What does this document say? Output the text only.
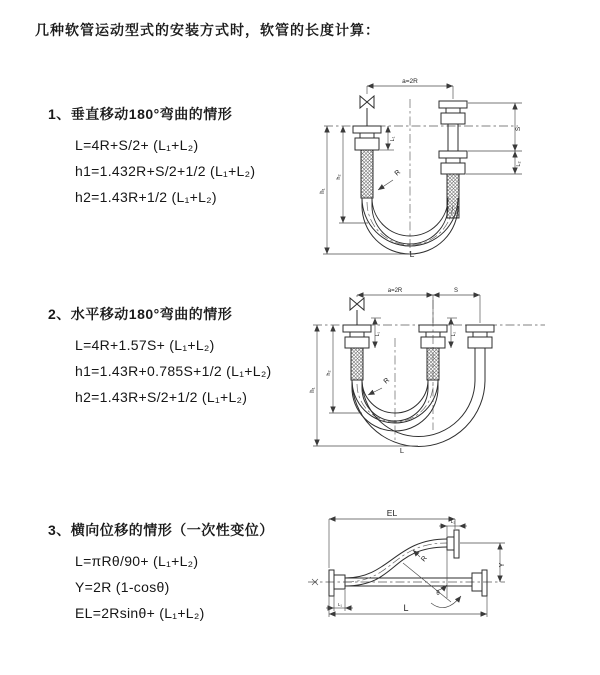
几种软管运动型式的安装方式时，软管的长度计算：
1、垂直移动180°弯曲的情形
L=4R+S/2+ (L₁+L₂)
h1=1.432R+S/2+1/2 (L₁+L₂)
h2=1.43R+1/2 (L₁+L₂)
2、水平移动180°弯曲的情形
L=4R+1.57S+ (L₁+L₂)
h1=1.43R+0.785S+1/2 (L₁+L₂)
h2=1.43R+S/2+1/2 (L₁+L₂)
3、横向位移的情形（一次性变位）
L=πRθ/90+ (L₁+L₂)
Y=2R (1-cosθ)
EL=2Rsinθ+ (L₁+L₂)
a=2R
S
L₂
h₂
h₁
L₁
R
L
a=2R	S
L₁	L₂
h₂
h₁
R
L
EL
L₂
Y
θ
R
L₁	L
